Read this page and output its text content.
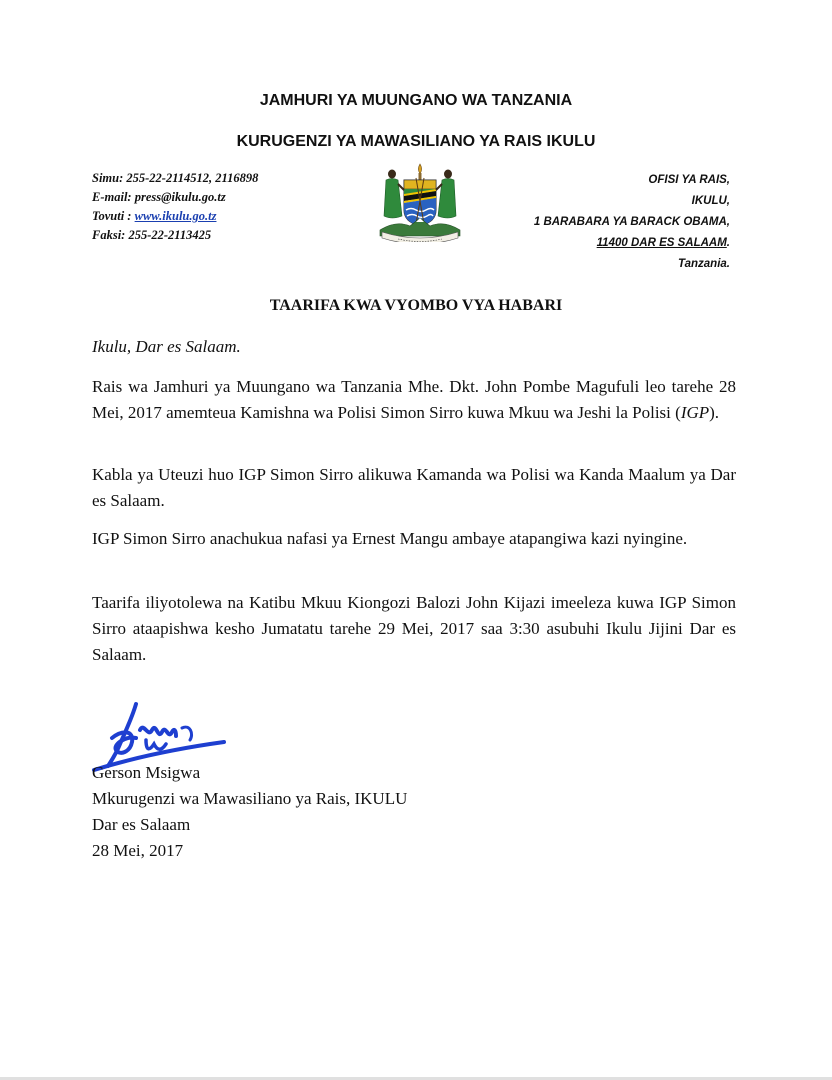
JAMHURI YA MUUNGANO WA TANZANIA
KURUGENZI YA MAWASILIANO YA RAIS IKULU
Simu: 255-22-2114512, 2116898
E-mail: press@ikulu.go.tz
Tovuti : www.ikulu.go.tz
Faksi: 255-22-2113425
OFISI YA RAIS,
IKULU,
1 BARABARA YA BARACK OBAMA,
11400 DAR ES SALAAM.
Tanzania.
TAARIFA KWA VYOMBO VYA HABARI
Ikulu, Dar es Salaam.
Rais wa Jamhuri ya Muungano wa Tanzania Mhe. Dkt. John Pombe Magufuli leo tarehe 28 Mei, 2017 amemteua Kamishna wa Polisi Simon Sirro kuwa Mkuu wa Jeshi la Polisi (IGP).
Kabla ya Uteuzi huo IGP Simon Sirro alikuwa Kamanda wa Polisi wa Kanda Maalum ya Dar es Salaam.
IGP Simon Sirro anachukua nafasi ya Ernest Mangu ambaye atapangiwa kazi nyingine.
Taarifa iliyotolewa na Katibu Mkuu Kiongozi Balozi John Kijazi imeeleza kuwa IGP Simon Sirro ataapishwa kesho Jumatatu tarehe 29 Mei, 2017 saa 3:30 asubuhi Ikulu Jijini Dar es Salaam.
Gerson Msigwa
Mkurugenzi wa Mawasiliano ya Rais, IKULU
Dar es Salaam
28 Mei, 2017
